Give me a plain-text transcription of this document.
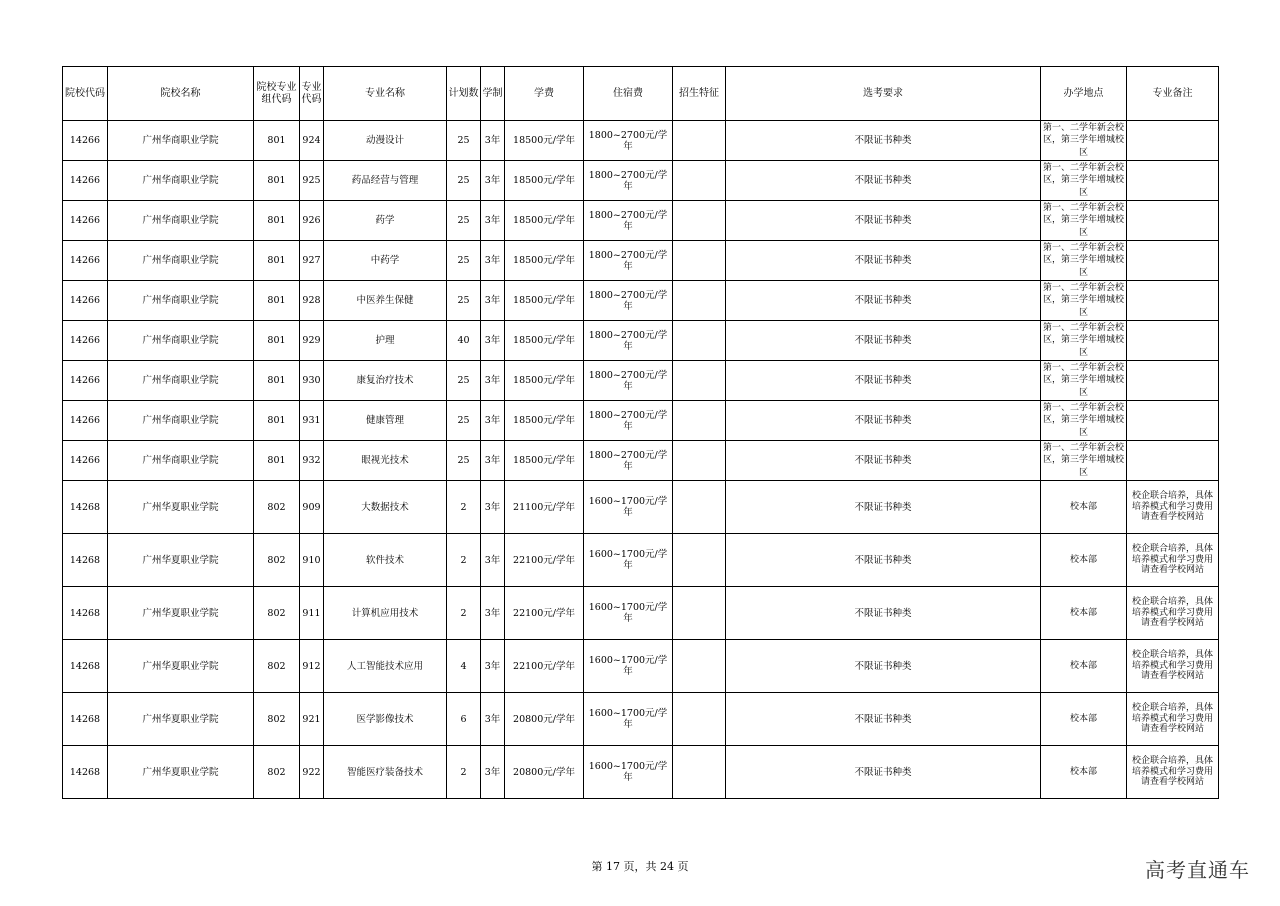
院校代码	院校名称	院校专业组代码	专业代码	专业名称	计划数	学制	学费	住宿费	招生特征	选考要求	办学地点	专业备注
14266	广州华商职业学院	801	924	动漫设计	25	3年	18500元/学年	1800~2700元/学年		不限证书种类	第一、二学年新会校区，第三学年增城校区	
14266	广州华商职业学院	801	925	药品经营与管理	25	3年	18500元/学年	1800~2700元/学年		不限证书种类	第一、二学年新会校区，第三学年增城校区	
14266	广州华商职业学院	801	926	药学	25	3年	18500元/学年	1800~2700元/学年		不限证书种类	第一、二学年新会校区，第三学年增城校区	
14266	广州华商职业学院	801	927	中药学	25	3年	18500元/学年	1800~2700元/学年		不限证书种类	第一、二学年新会校区，第三学年增城校区	
14266	广州华商职业学院	801	928	中医养生保健	25	3年	18500元/学年	1800~2700元/学年		不限证书种类	第一、二学年新会校区，第三学年增城校区	
14266	广州华商职业学院	801	929	护理	40	3年	18500元/学年	1800~2700元/学年		不限证书种类	第一、二学年新会校区，第三学年增城校区	
14266	广州华商职业学院	801	930	康复治疗技术	25	3年	18500元/学年	1800~2700元/学年		不限证书种类	第一、二学年新会校区，第三学年增城校区	
14266	广州华商职业学院	801	931	健康管理	25	3年	18500元/学年	1800~2700元/学年		不限证书种类	第一、二学年新会校区，第三学年增城校区	
14266	广州华商职业学院	801	932	眼视光技术	25	3年	18500元/学年	1800~2700元/学年		不限证书种类	第一、二学年新会校区，第三学年增城校区	
14268	广州华夏职业学院	802	909	大数据技术	2	3年	21100元/学年	1600~1700元/学年		不限证书种类	校本部	校企联合培养，具体培养模式和学习费用请查看学校网站
14268	广州华夏职业学院	802	910	软件技术	2	3年	22100元/学年	1600~1700元/学年		不限证书种类	校本部	校企联合培养，具体培养模式和学习费用请查看学校网站
14268	广州华夏职业学院	802	911	计算机应用技术	2	3年	22100元/学年	1600~1700元/学年		不限证书种类	校本部	校企联合培养，具体培养模式和学习费用请查看学校网站
14268	广州华夏职业学院	802	912	人工智能技术应用	4	3年	22100元/学年	1600~1700元/学年		不限证书种类	校本部	校企联合培养，具体培养模式和学习费用请查看学校网站
14268	广州华夏职业学院	802	921	医学影像技术	6	3年	20800元/学年	1600~1700元/学年		不限证书种类	校本部	校企联合培养，具体培养模式和学习费用请查看学校网站
14268	广州华夏职业学院	802	922	智能医疗装备技术	2	3年	20800元/学年	1600~1700元/学年		不限证书种类	校本部	校企联合培养，具体培养模式和学习费用请查看学校网站
第 17 页，共 24 页	高考直通车
